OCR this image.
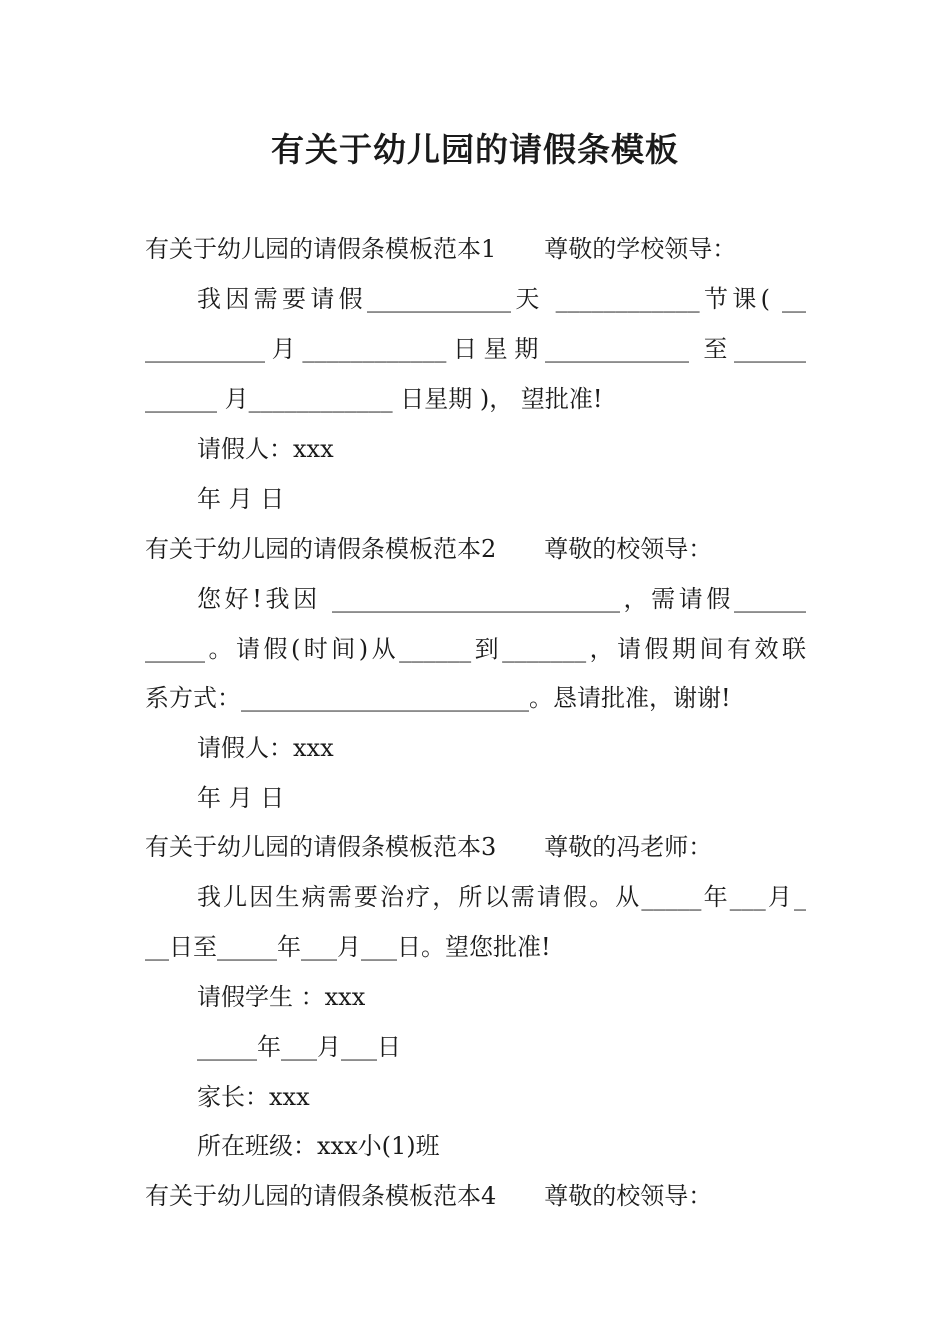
有关于幼儿园的请假条模板
有关于幼儿园的请假条模板范本1　　尊敬的学校领导：
我因需要请假____________天 ____________节课( __
__________月____________日星期____________ 至______
______ 月____________ 日星期 )， 望批准!
请假人：xxx
年 月 日
有关于幼儿园的请假条模板范本2　　尊敬的校领导：
您好!我因 ________________________，需请假______
_____。请假(时间)从______到_______，请假期间有效联
系方式：________________________。恳请批准，谢谢!
请假人：xxx
年 月 日
有关于幼儿园的请假条模板范本3　　尊敬的冯老师：
我儿因生病需要治疗，所以需请假。从_____年___月_
__日至_____年___月___日。望您批准!
请假学生 ：xxx
_____年___月___日
家长：xxx
所在班级：xxx小(1)班
有关于幼儿园的请假条模板范本4　　尊敬的校领导：
